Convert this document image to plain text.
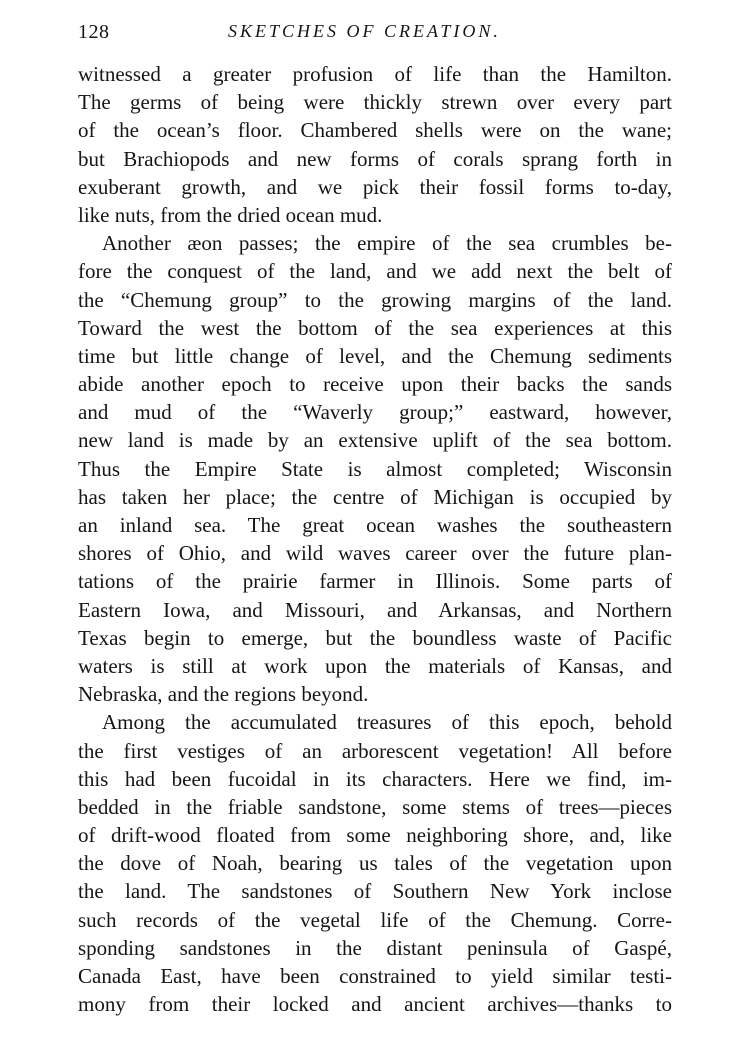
128	SKETCHES OF CREATION.
witnessed a greater profusion of life than the Hamilton.
The germs of being were thickly strewn over every part
of the ocean’s floor. Chambered shells were on the wane;
but Brachiopods and new forms of corals sprang forth in
exuberant growth, and we pick their fossil forms to-day,
like nuts, from the dried ocean mud.
Another æon passes; the empire of the sea crumbles be-
fore the conquest of the land, and we add next the belt of
the “Chemung group” to the growing margins of the land.
Toward the west the bottom of the sea experiences at this
time but little change of level, and the Chemung sediments
abide another epoch to receive upon their backs the sands
and mud of the “Waverly group;” eastward, however,
new land is made by an extensive uplift of the sea bottom.
Thus the Empire State is almost completed; Wisconsin
has taken her place; the centre of Michigan is occupied by
an inland sea. The great ocean washes the southeastern
shores of Ohio, and wild waves career over the future plan-
tations of the prairie farmer in Illinois. Some parts of
Eastern Iowa, and Missouri, and Arkansas, and Northern
Texas begin to emerge, but the boundless waste of Pacific
waters is still at work upon the materials of Kansas, and
Nebraska, and the regions beyond.
Among the accumulated treasures of this epoch, behold
the first vestiges of an arborescent vegetation! All before
this had been fucoidal in its characters. Here we find, im-
bedded in the friable sandstone, some stems of trees—pieces
of drift-wood floated from some neighboring shore, and, like
the dove of Noah, bearing us tales of the vegetation upon
the land. The sandstones of Southern New York inclose
such records of the vegetal life of the Chemung. Corre-
sponding sandstones in the distant peninsula of Gaspé,
Canada East, have been constrained to yield similar testi-
mony from their locked and ancient archives—thanks to
